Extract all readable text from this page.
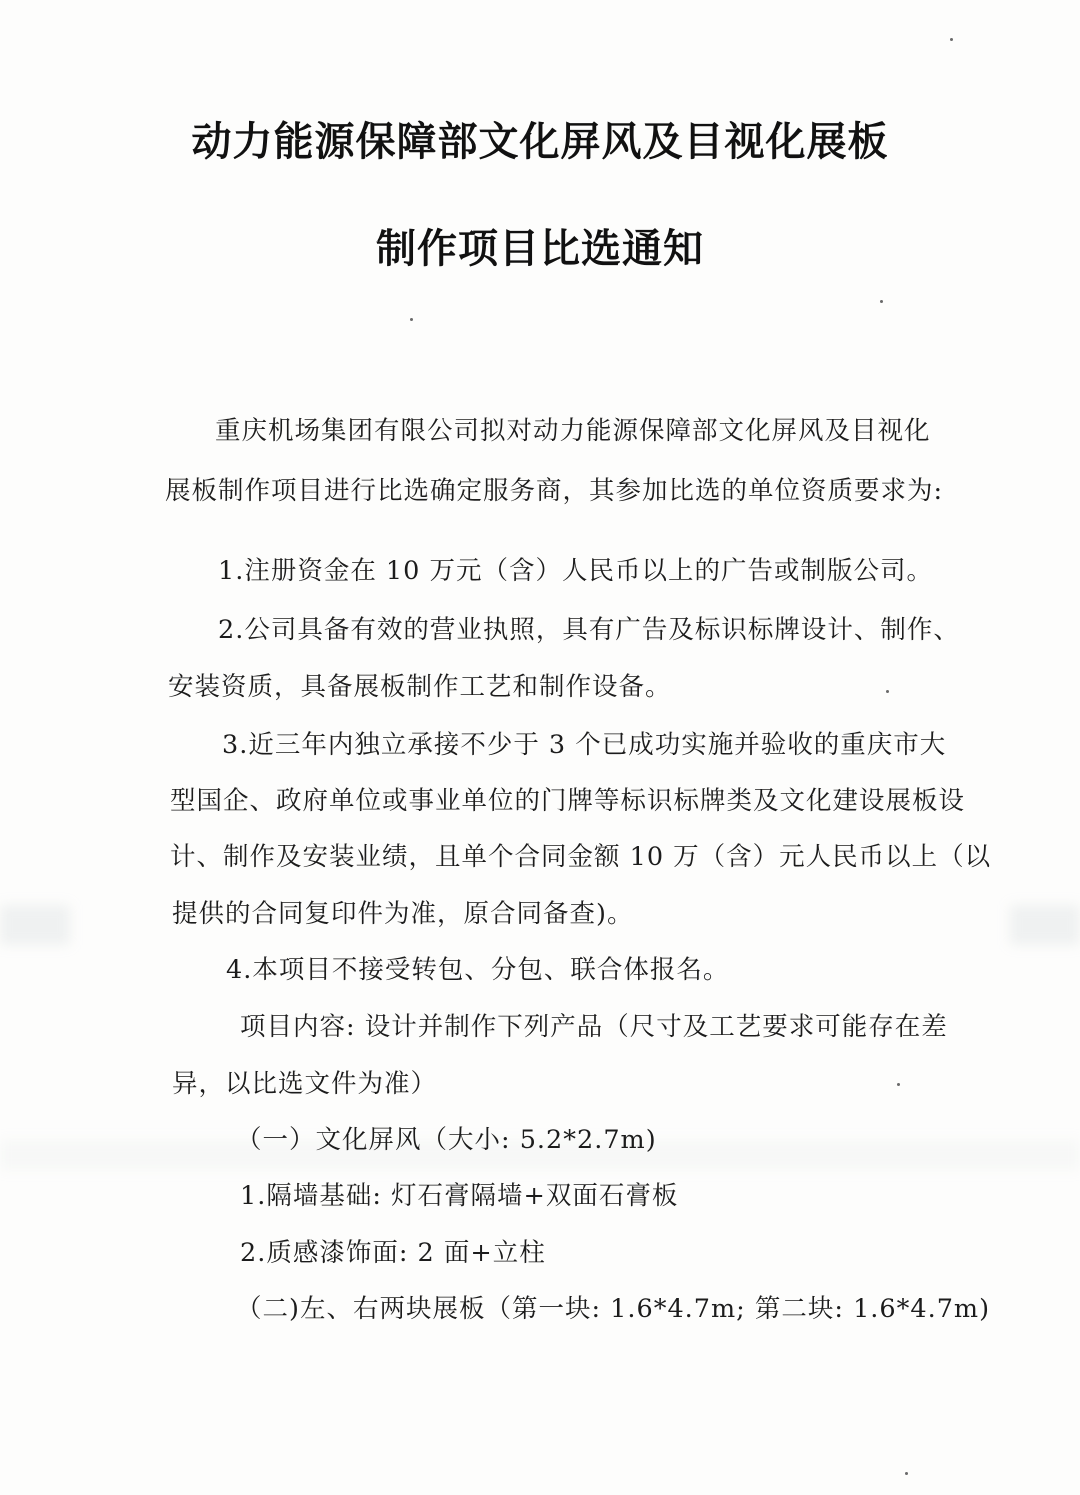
动力能源保障部文化屏风及目视化展板
制作项目比选通知
重庆机场集团有限公司拟对动力能源保障部文化屏风及目视化
展板制作项目进行比选确定服务商，其参加比选的单位资质要求为:
1.注册资金在 10 万元（含）人民币以上的广告或制版公司。
2.公司具备有效的营业执照，具有广告及标识标牌设计、制作、
安装资质，具备展板制作工艺和制作设备。
3.近三年内独立承接不少于 3 个已成功实施并验收的重庆市大
型国企、政府单位或事业单位的门牌等标识标牌类及文化建设展板设
计、制作及安装业绩，且单个合同金额 10 万（含）元人民币以上（以
提供的合同复印件为准，原合同备查)。
4.本项目不接受转包、分包、联合体报名。
项目内容: 设计并制作下列产品（尺寸及工艺要求可能存在差
异，以比选文件为准）
（一）文化屏风（大小: 5.2*2.7m)
1.隔墙基础: 灯石膏隔墙+双面石膏板
2.质感漆饰面: 2 面+立柱
（二)左、右两块展板（第一块: 1.6*4.7m; 第二块: 1.6*4.7m)
